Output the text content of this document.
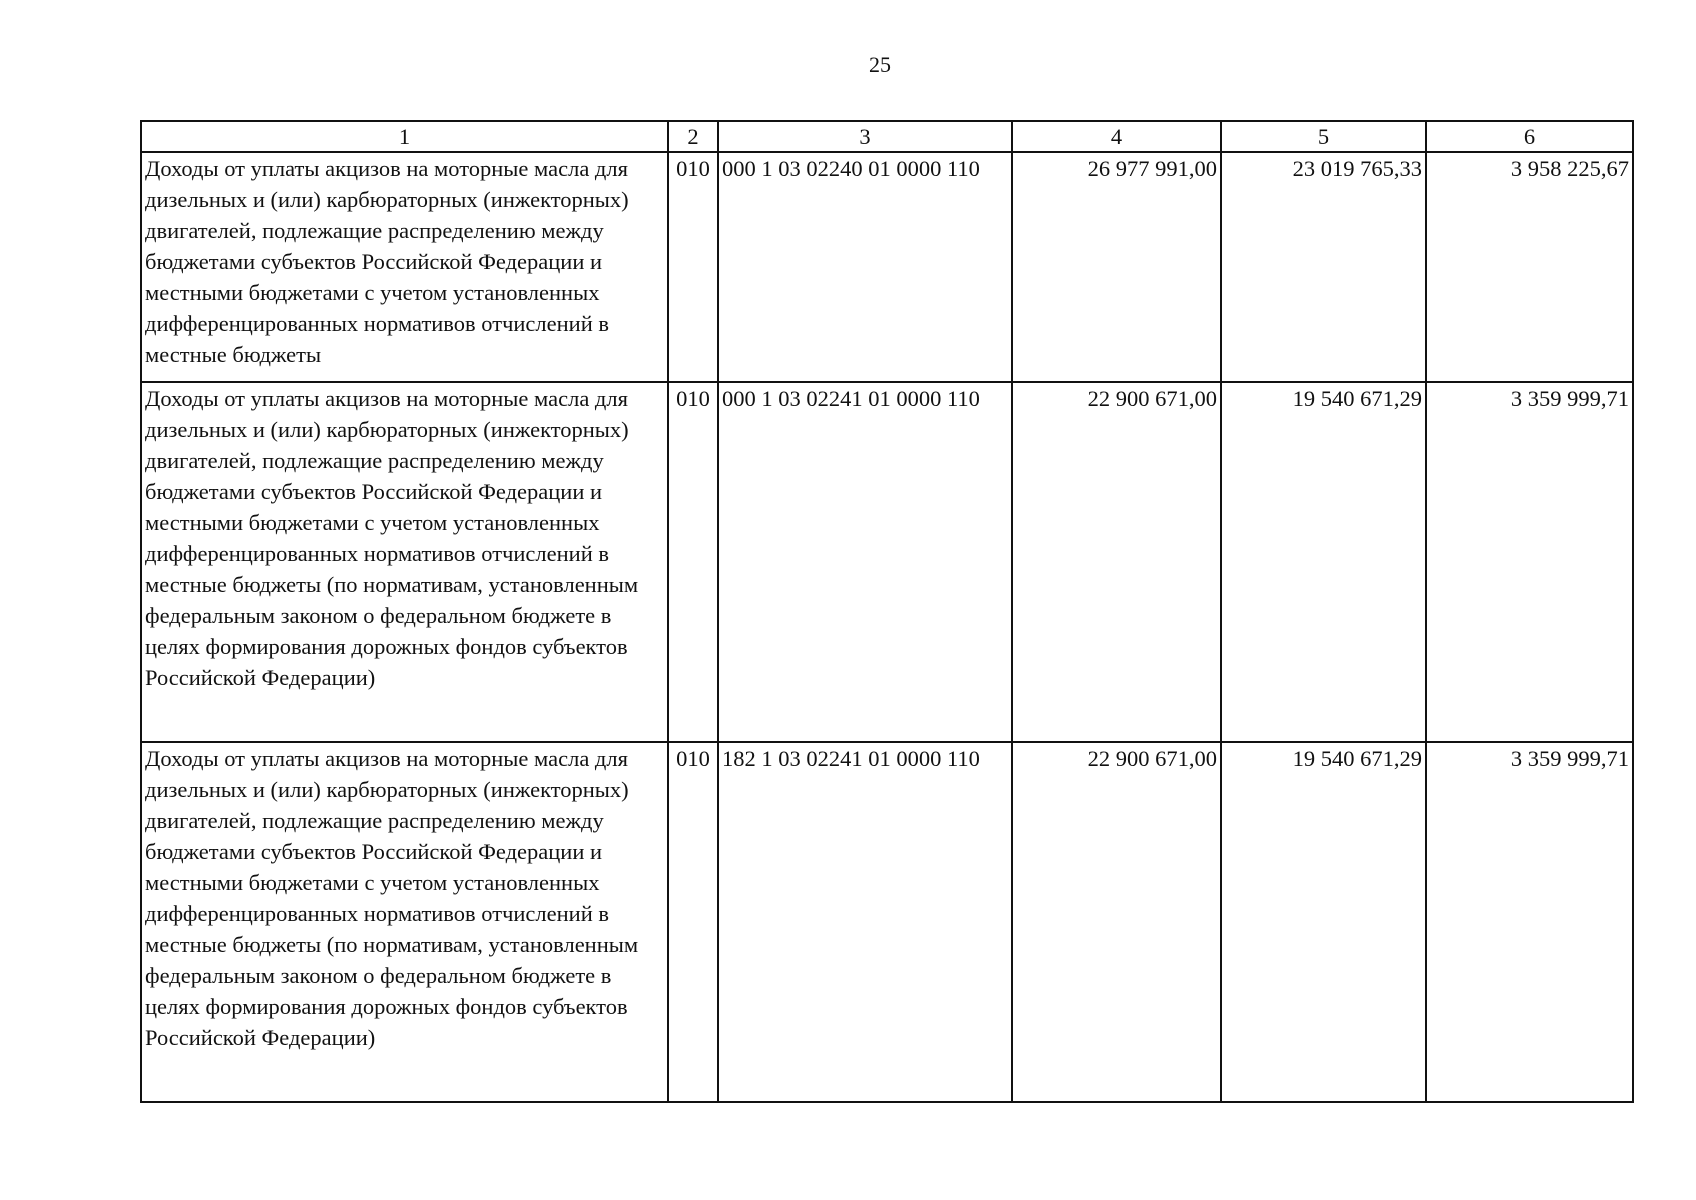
25
1	2	3	4	5	6
Доходы от уплаты акцизов на моторные масла для дизельных и (или) карбюраторных (инжекторных) двигателей, подлежащие распределению между бюджетами субъектов Российской Федерации и местными бюджетами с учетом установленных дифференцированных нормативов отчислений в местные бюджеты	010	000 1 03 02240 01 0000 110	26 977 991,00	23 019 765,33	3 958 225,67
Доходы от уплаты акцизов на моторные масла для дизельных и (или) карбюраторных (инжекторных) двигателей, подлежащие распределению между бюджетами субъектов Российской Федерации и местными бюджетами с учетом установленных дифференцированных нормативов отчислений в местные бюджеты (по нормативам, установленным федеральным законом о федеральном бюджете в целях формирования дорожных фондов субъектов Российской Федерации)	010	000 1 03 02241 01 0000 110	22 900 671,00	19 540 671,29	3 359 999,71
Доходы от уплаты акцизов на моторные масла для дизельных и (или) карбюраторных (инжекторных) двигателей, подлежащие распределению между бюджетами субъектов Российской Федерации и местными бюджетами с учетом установленных дифференцированных нормативов отчислений в местные бюджеты (по нормативам, установленным федеральным законом о федеральном бюджете в целях формирования дорожных фондов субъектов Российской Федерации)	010	182 1 03 02241 01 0000 110	22 900 671,00	19 540 671,29	3 359 999,71
